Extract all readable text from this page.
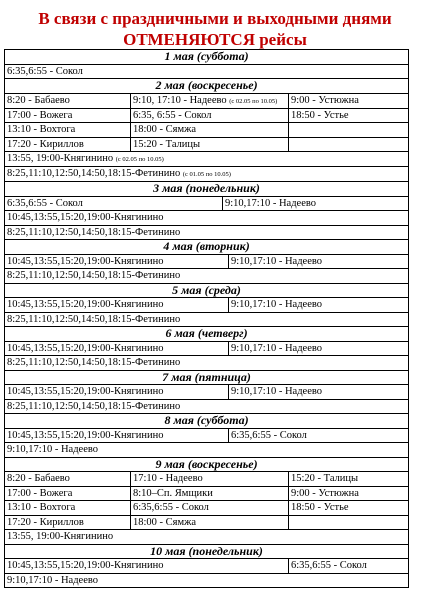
В связи с праздничными и выходными днями
ОТМЕНЯЮТСЯ рейсы
1 мая (суббота)				
6:35,6:55 - Сокол				
2 мая (воскресенье)				
8:20 - Бабаево	9:10, 17:10 - Надеево (с 02.05 по 10.05)			9:00 - Устюжна
17:00 - Вожега	6:35, 6:55 - Сокол			18:50 - Устье
13:10 - Вохтога	18:00 - Сямжа			
17:20 - Кириллов	15:20 - Талицы			
13:55, 19:00-Княгинино (с 02.05 по 10.05)				
8:25,11:10,12:50,14:50,18:15-Фетинино (с 01.05 по 10.05)				
3 мая (понедельник)				
6:35,6:55 - Сокол		9:10,17:10 - Надеево		
10:45,13:55,15:20,19:00-Княгинино				
8:25,11:10,12:50,14:50,18:15-Фетинино				
4 мая (вторник)				
10:45,13:55,15:20,19:00-Княгинино			9:10,17:10 - Надеево	
8:25,11:10,12:50,14:50,18:15-Фетинино				
5 мая (среда)				
10:45,13:55,15:20,19:00-Княгинино			9:10,17:10 - Надеево	
8:25,11:10,12:50,14:50,18:15-Фетинино				
6 мая (четверг)				
10:45,13:55,15:20,19:00-Княгинино			9:10,17:10 - Надеево	
8:25,11:10,12:50,14:50,18:15-Фетинино				
7 мая (пятница)				
10:45,13:55,15:20,19:00-Княгинино			9:10,17:10 - Надеево	
8:25,11:10,12:50,14:50,18:15-Фетинино				
8 мая (суббота)				
10:45,13:55,15:20,19:00-Княгинино			6:35,6:55 - Сокол	
9:10,17:10 - Надеево				
9 мая (воскресенье)				
8:20 - Бабаево	17:10 - Надеево			15:20 - Талицы
17:00 - Вожега	8:10–Сп. Ямщики			9:00 - Устюжна
13:10 - Вохтога	6:35,6:55 - Сокол			18:50 - Устье
17:20 - Кириллов	18:00 - Сямжа			
13:55, 19:00-Княгинино				
10 мая (понедельник)				
10:45,13:55,15:20,19:00-Княгинино				6:35,6:55 - Сокол
9:10,17:10 - Надеево				
